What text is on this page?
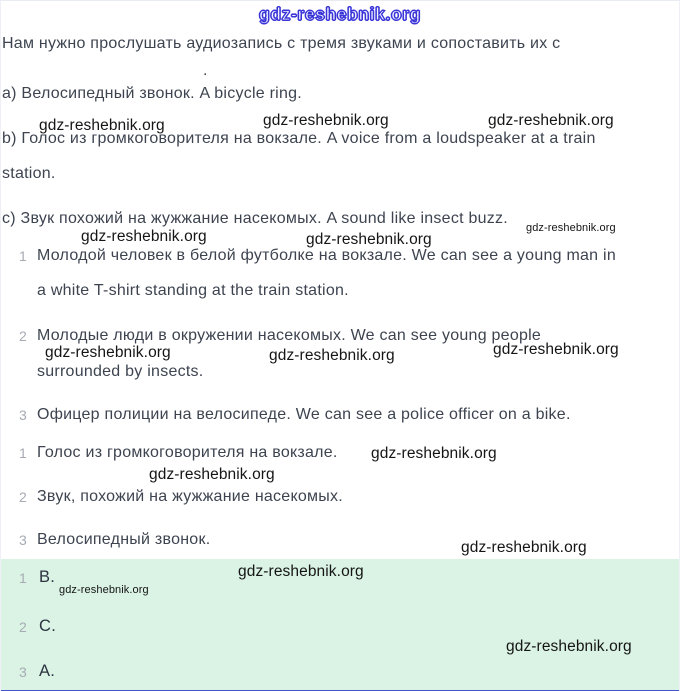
gdz-reshebnik.org
Нам нужно прослушать аудиозапись с тремя звуками и сопоставить их с
.
a) Велосипедный звонок. A bicycle ring.
gdz-reshebnik.org	gdz-reshebnik.org	gdz-reshebnik.org
b) Голос из громкоговорителя на вокзале. A voice from a loudspeaker at a train
station.
c) Звук похожий на жужжание насекомых. A sound like insect buzz.
gdz-reshebnik.org
gdz-reshebnik.org	gdz-reshebnik.org
1 Молодой человек в белой футболке на вокзале. We can see a young man in
a white T-shirt standing at the train station.
2 Молодые люди в окружении насекомых. We can see young people
gdz-reshebnik.org	gdz-reshebnik.org	gdz-reshebnik.org
surrounded by insects.
3 Офицер полиции на велосипеде. We can see a police officer on a bike.
1 Голос из громкоговорителя на вокзале. gdz-reshebnik.org
gdz-reshebnik.org
2 Звук, похожий на жужжание насекомых.
3 Велосипедный звонок.	gdz-reshebnik.org
1 B.	gdz-reshebnik.org
gdz-reshebnik.org
2 C.
gdz-reshebnik.org
3 A.
